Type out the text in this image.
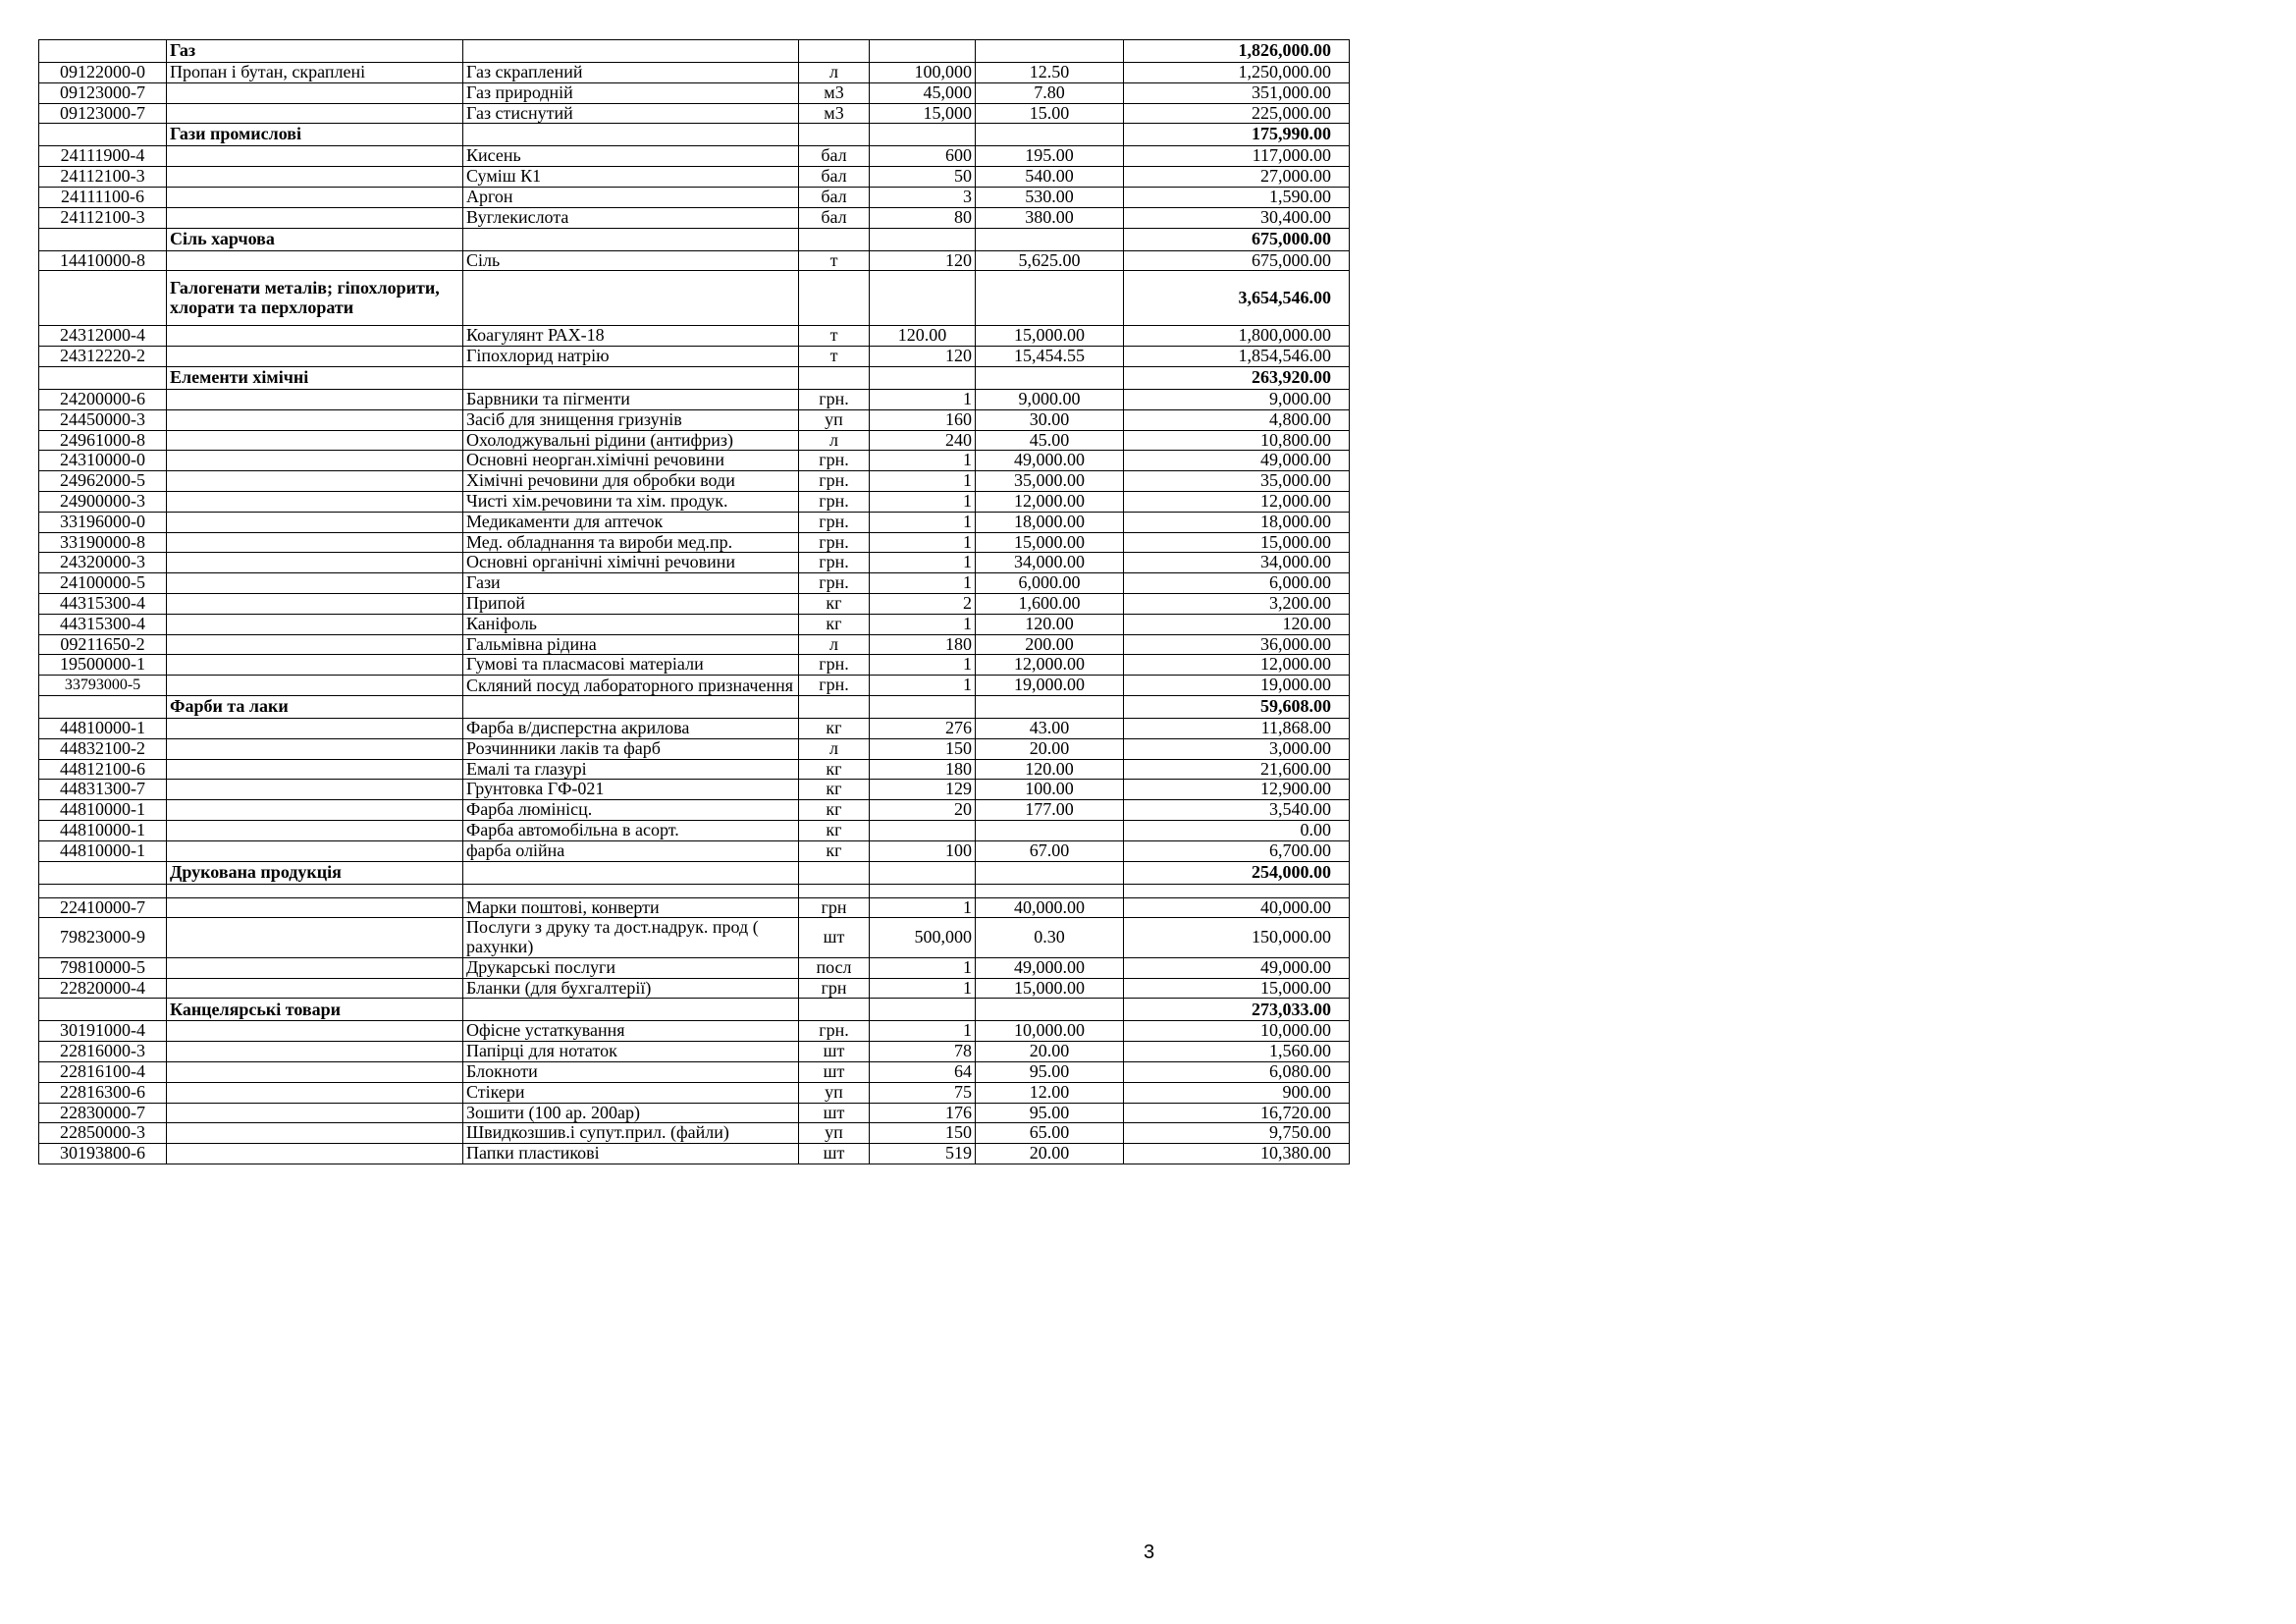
	Газ					1,826,000.00
09122000-0	Пропан і бутан, скраплені	Газ скраплений	л	100,000	12.50	1,250,000.00
09123000-7		Газ природній	м3	45,000	7.80	351,000.00
09123000-7		Газ стиснутий	м3	15,000	15.00	225,000.00
	Гази промислові					175,990.00
24111900-4		Кисень	бал	600	195.00	117,000.00
24112100-3		Суміш К1	бал	50	540.00	27,000.00
24111100-6		Аргон	бал	3	530.00	1,590.00
24112100-3		Вуглекислота	бал	80	380.00	30,400.00
	Сіль харчова					675,000.00
14410000-8		Сіль	т	120	5,625.00	675,000.00
	Галогенати металів; гіпохлорити, хлорати та перхлорати					3,654,546.00
24312000-4		Коагулянт РАХ-18	т	120.00	15,000.00	1,800,000.00
24312220-2		Гіпохлорид натрію	т	120	15,454.55	1,854,546.00
	Елементи хімічні					263,920.00
24200000-6		Барвники та пігменти	грн.	1	9,000.00	9,000.00
24450000-3		Засіб для знищення гризунів	уп	160	30.00	4,800.00
24961000-8		Охолоджувальні рідини (антифриз)	л	240	45.00	10,800.00
24310000-0		Основні неорган.хімічні речовини	грн.	1	49,000.00	49,000.00
24962000-5		Хімічні речовини для обробки води	грн.	1	35,000.00	35,000.00
24900000-3		Чисті хім.речовини та хім. продук.	грн.	1	12,000.00	12,000.00
33196000-0		Медикаменти для аптечок	грн.	1	18,000.00	18,000.00
33190000-8		Мед. обладнання та вироби мед.пр.	грн.	1	15,000.00	15,000.00
24320000-3		Основні органічні хімічні речовини	грн.	1	34,000.00	34,000.00
24100000-5		Гази	грн.	1	6,000.00	6,000.00
44315300-4		Припой	кг	2	1,600.00	3,200.00
44315300-4		Каніфоль	кг	1	120.00	120.00
09211650-2		Гальмівна рідина	л	180	200.00	36,000.00
19500000-1		Гумові та пласмасові матеріали	грн.	1	12,000.00	12,000.00
33793000-5		Скляний посуд лабораторного призначення	грн.	1	19,000.00	19,000.00
	Фарби та лаки					59,608.00
44810000-1		Фарба в/дисперстна акрилова	кг	276	43.00	11,868.00
44832100-2		Розчинники лаків та фарб	л	150	20.00	3,000.00
44812100-6		Емалі та глазурі	кг	180	120.00	21,600.00
44831300-7		Грунтовка ГФ-021	кг	129	100.00	12,900.00
44810000-1		Фарба люмінісц.	кг	20	177.00	3,540.00
44810000-1		Фарба автомобільна в асорт.	кг			0.00
44810000-1		фарба олійна	кг	100	67.00	6,700.00
	Друкована продукція					254,000.00

22410000-7		Марки поштові, конверти	грн	1	40,000.00	40,000.00
79823000-9		Послуги з друку та дост.надрук. прод ( рахунки)	шт	500,000	0.30	150,000.00
79810000-5		Друкарські послуги	посл	1	49,000.00	49,000.00
22820000-4		Бланки (для бухгалтерії)	грн	1	15,000.00	15,000.00
	Канцелярські товари					273,033.00
30191000-4		Офісне устаткування	грн.	1	10,000.00	10,000.00
22816000-3		Папірці для нотаток	шт	78	20.00	1,560.00
22816100-4		Блокноти	шт	64	95.00	6,080.00
22816300-6		Стікери	уп	75	12.00	900.00
22830000-7		Зошити (100 ар. 200ар)	шт	176	95.00	16,720.00
22850000-3		Швидкозшив.і супут.прил. (файли)	уп	150	65.00	9,750.00
30193800-6		Папки пластикові	шт	519	20.00	10,380.00
3
